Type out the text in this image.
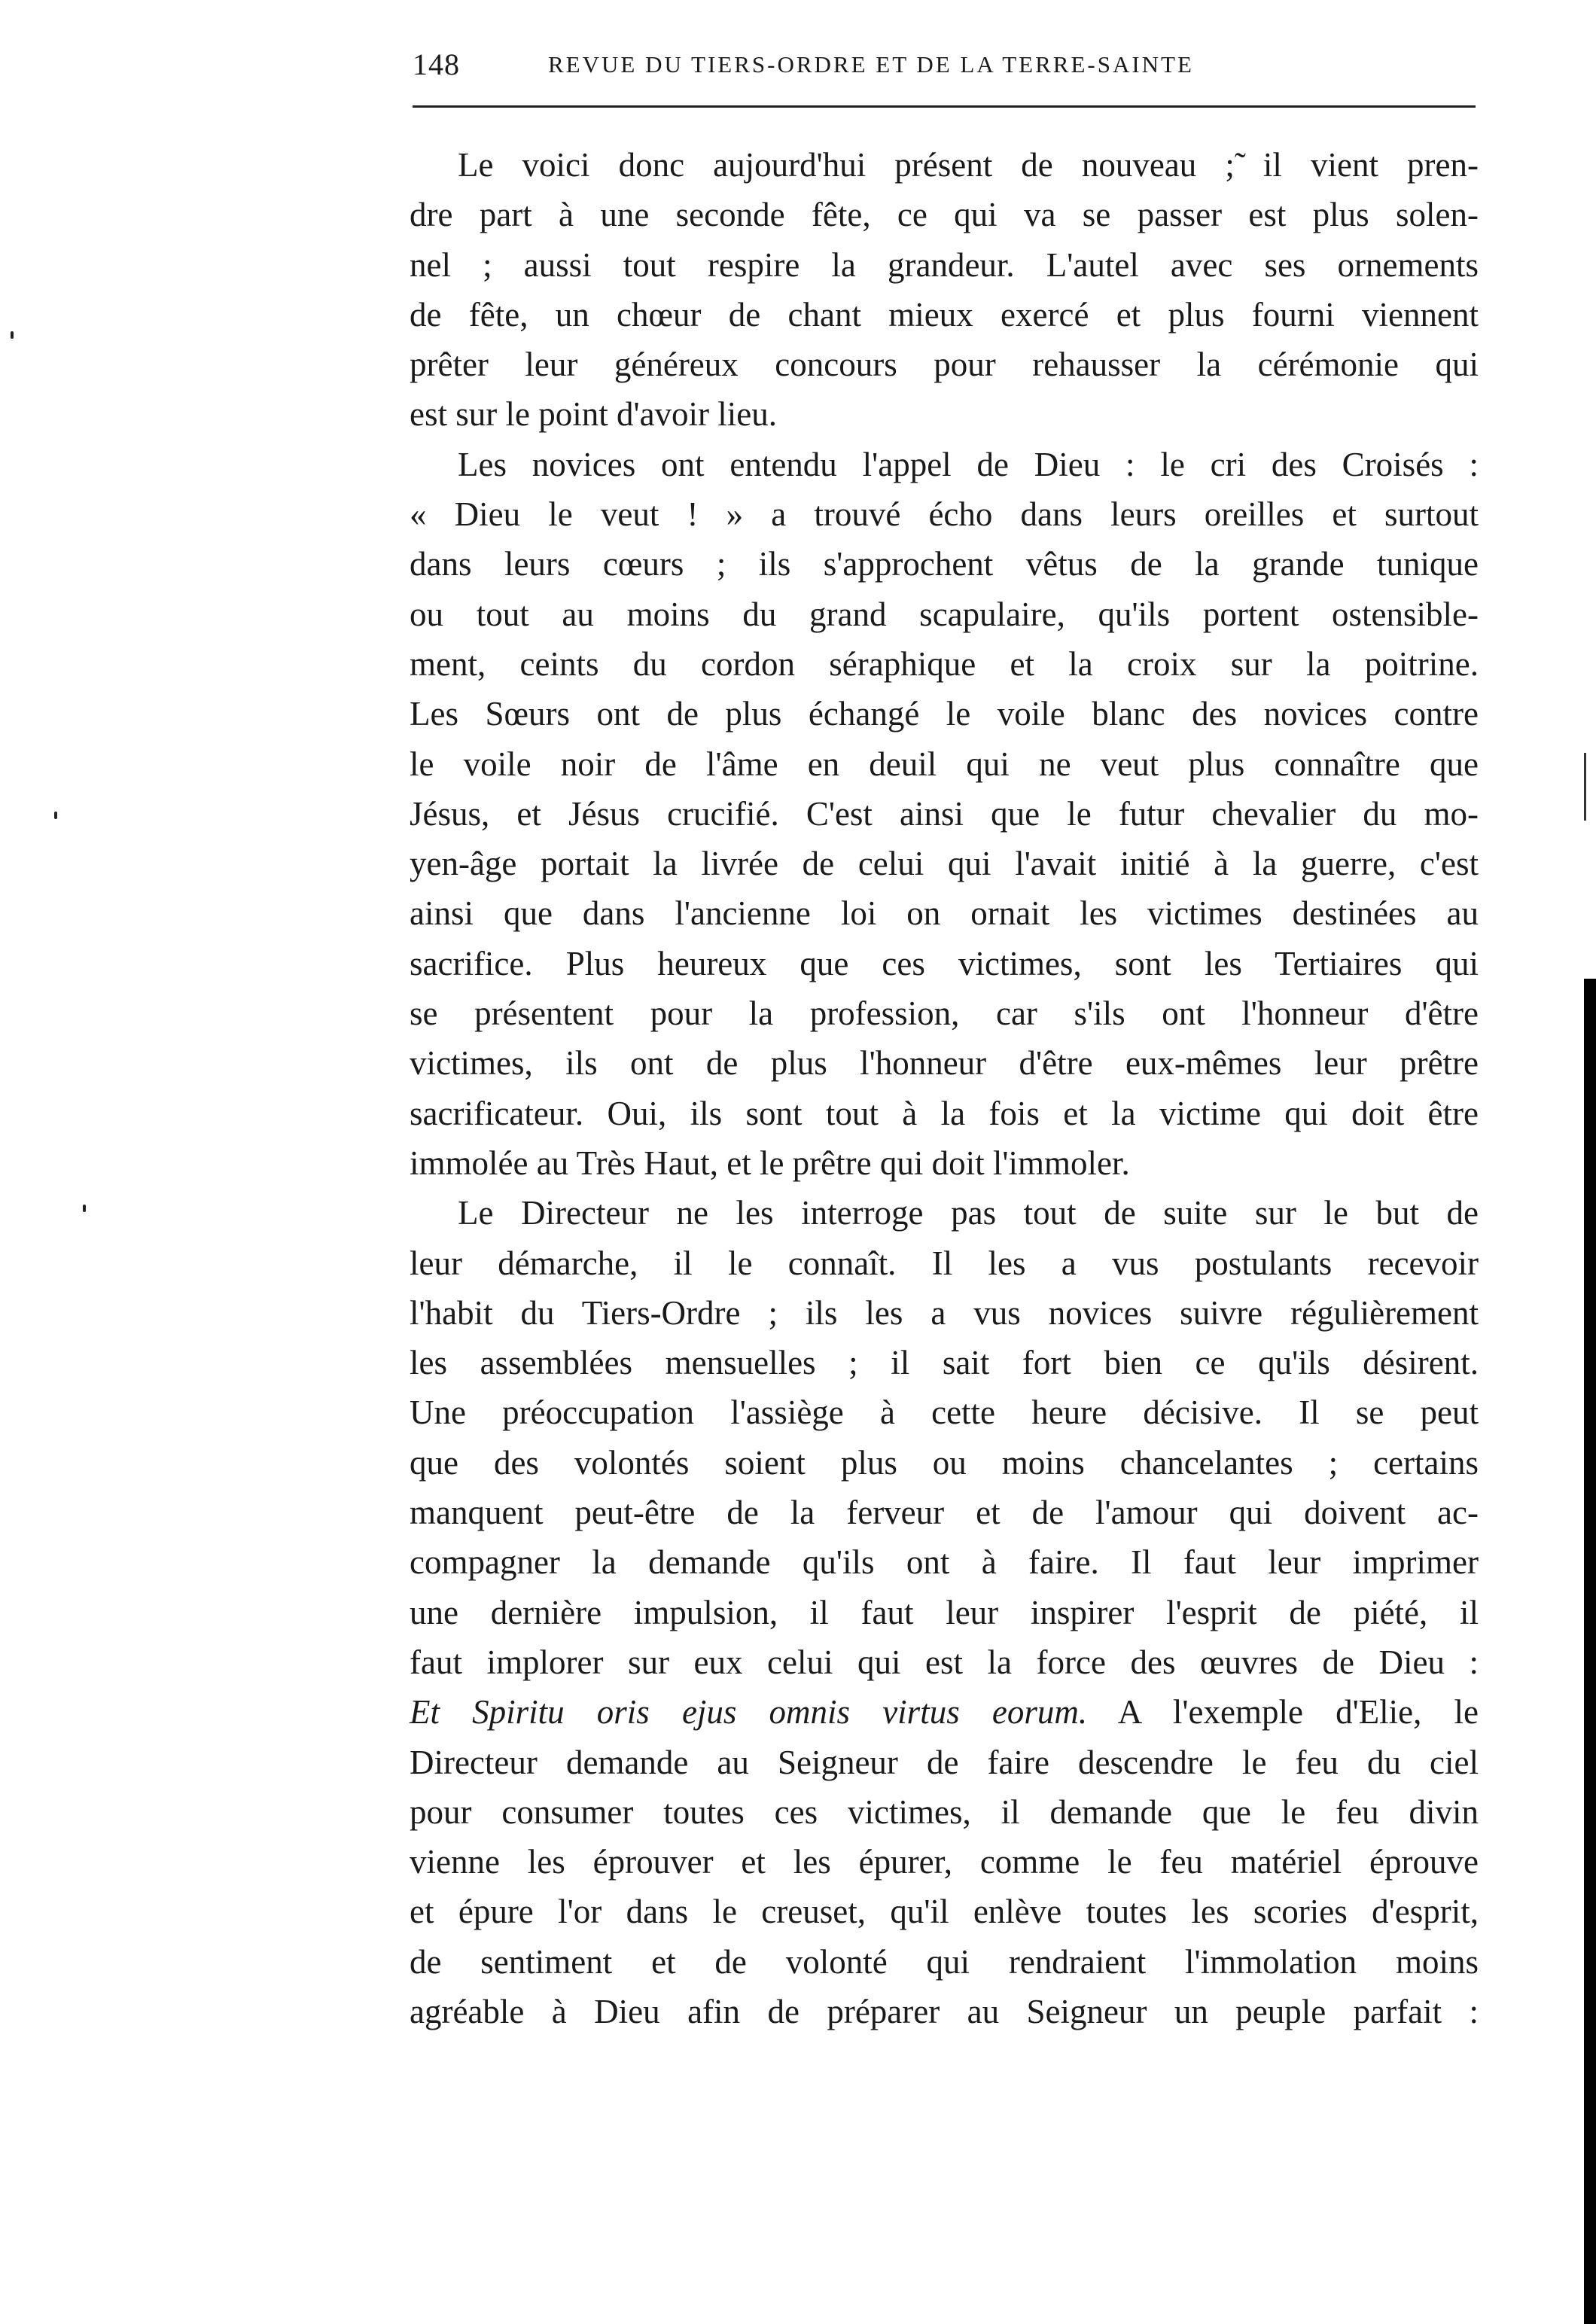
148	REVUE DU TIERS-ORDRE ET DE LA TERRE-SAINTE

Le voici donc aujourd'hui présent de nouveau ;̃ il vient pren-
dre part à une seconde fête, ce qui va se passer est plus solen-
nel ; aussi tout respire la grandeur. L'autel avec ses ornements
de fête, un chœur de chant mieux exercé et plus fourni viennent
prêter leur généreux concours pour rehausser la cérémonie qui
est sur le point d'avoir lieu.

Les novices ont entendu l'appel de Dieu : le cri des Croisés :
« Dieu le veut ! » a trouvé écho dans leurs oreilles et surtout
dans leurs cœurs ; ils s'approchent vêtus de la grande tunique
ou tout au moins du grand scapulaire, qu'ils portent ostensible-
ment, ceints du cordon séraphique et la croix sur la poitrine.
Les Sœurs ont de plus échangé le voile blanc des novices contre
le voile noir de l'âme en deuil qui ne veut plus connaître que
Jésus, et Jésus crucifié. C'est ainsi que le futur chevalier du mo-
yen-âge portait la livrée de celui qui l'avait initié à la guerre, c'est
ainsi que dans l'ancienne loi on ornait les victimes destinées au
sacrifice. Plus heureux que ces victimes, sont les Tertiaires qui
se présentent pour la profession, car s'ils ont l'honneur d'être
victimes, ils ont de plus l'honneur d'être eux-mêmes leur prêtre
sacrificateur. Oui, ils sont tout à la fois et la victime qui doit être
immolée au Très Haut, et le prêtre qui doit l'immoler.

Le Directeur ne les interroge pas tout de suite sur le but de
leur démarche, il le connaît. Il les a vus postulants recevoir
l'habit du Tiers-Ordre ; ils les a vus novices suivre régulièrement
les assemblées mensuelles ; il sait fort bien ce qu'ils désirent.
Une préoccupation l'assiège à cette heure décisive. Il se peut
que des volontés soient plus ou moins chancelantes ; certains
manquent peut-être de la ferveur et de l'amour qui doivent ac-
compagner la demande qu'ils ont à faire. Il faut leur imprimer
une dernière impulsion, il faut leur inspirer l'esprit de piété, il
faut implorer sur eux celui qui est la force des œuvres de Dieu :
Et Spiritu oris ejus omnis virtus eorum. A l'exemple d'Elie, le
Directeur demande au Seigneur de faire descendre le feu du ciel
pour consumer toutes ces victimes, il demande que le feu divin
vienne les éprouver et les épurer, comme le feu matériel éprouve
et épure l'or dans le creuset, qu'il enlève toutes les scories d'esprit,
de sentiment et de volonté qui rendraient l'immolation moins
agréable à Dieu afin de préparer au Seigneur un peuple parfait :
